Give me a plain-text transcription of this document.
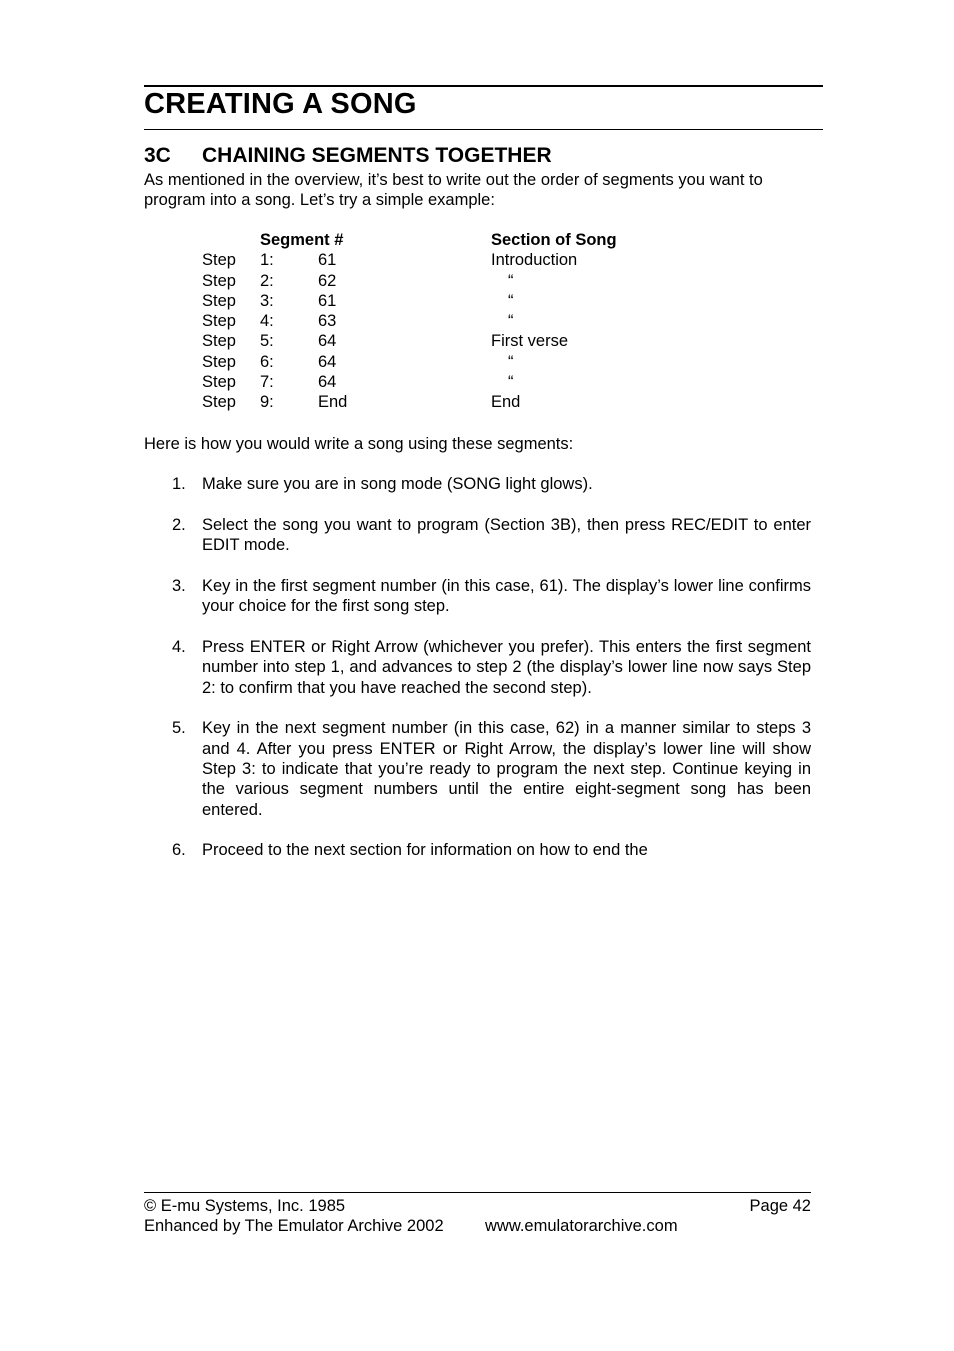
CREATING A SONG
3C CHAINING SEGMENTS TOGETHER
As mentioned in the overview, it’s best to write out the order of segments you want to program into a song. Let’s try a simple example:
Segment #	Section of Song
Step 1:	61	Introduction
Step 2:	62	“
Step 3:	61	“
Step 4:	63	“
Step 5:	64	First verse
Step 6:	64	“
Step 7:	64	“
Step 9:	End	End
Here is how you would write a song using these segments:
1. Make sure you are in song mode (SONG light glows).
2. Select the song you want to program (Section 3B), then press REC/EDIT to enter EDIT mode.
3. Key in the first segment number (in this case, 61). The display’s lower line confirms your choice for the first song step.
4. Press ENTER or Right Arrow (whichever you prefer). This enters the first segment number into step 1, and advances to step 2 (the display’s lower line now says Step 2: to confirm that you have reached the second step).
5. Key in the next segment number (in this case, 62) in a manner similar to steps 3 and 4. After you press ENTER or Right Arrow, the display’s lower line will show Step 3: to indicate that you’re ready to program the next step. Continue keying in the various segment numbers until the entire eight-segment song has been entered.
6. Proceed to the next section for information on how to end the
© E-mu Systems, Inc. 1985	Page 42
Enhanced by The Emulator Archive 2002	www.emulatorarchive.com
